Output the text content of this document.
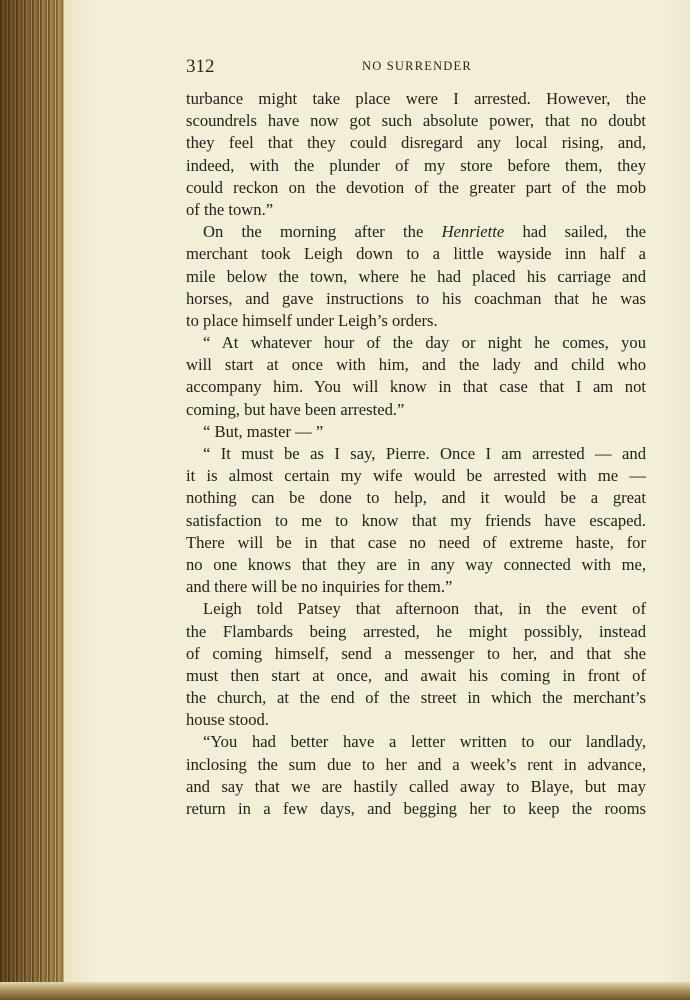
312	NO SURRENDER
turbance might take place were I arrested. However, the
scoundrels have now got such absolute power, that no doubt
they feel that they could disregard any local rising, and,
indeed, with the plunder of my store before them, they
could reckon on the devotion of the greater part of the mob
of the town.”
On the morning after the Henriette had sailed, the
merchant took Leigh down to a little wayside inn half a
mile below the town, where he had placed his carriage and
horses, and gave instructions to his coachman that he was
to place himself under Leigh’s orders.
“ At whatever hour of the day or night he comes, you
will start at once with him, and the lady and child who
accompany him. You will know in that case that I am not
coming, but have been arrested.”
“ But, master — ”
“ It must be as I say, Pierre. Once I am arrested — and
it is almost certain my wife would be arrested with me —
nothing can be done to help, and it would be a great
satisfaction to me to know that my friends have escaped.
There will be in that case no need of extreme haste, for
no one knows that they are in any way connected with me,
and there will be no inquiries for them.”
Leigh told Patsey that afternoon that, in the event of
the Flambards being arrested, he might possibly, instead
of coming himself, send a messenger to her, and that she
must then start at once, and await his coming in front of
the church, at the end of the street in which the merchant’s
house stood.
“You had better have a letter written to our landlady,
inclosing the sum due to her and a week’s rent in advance,
and say that we are hastily called away to Blaye, but may
return in a few days, and begging her to keep the rooms
